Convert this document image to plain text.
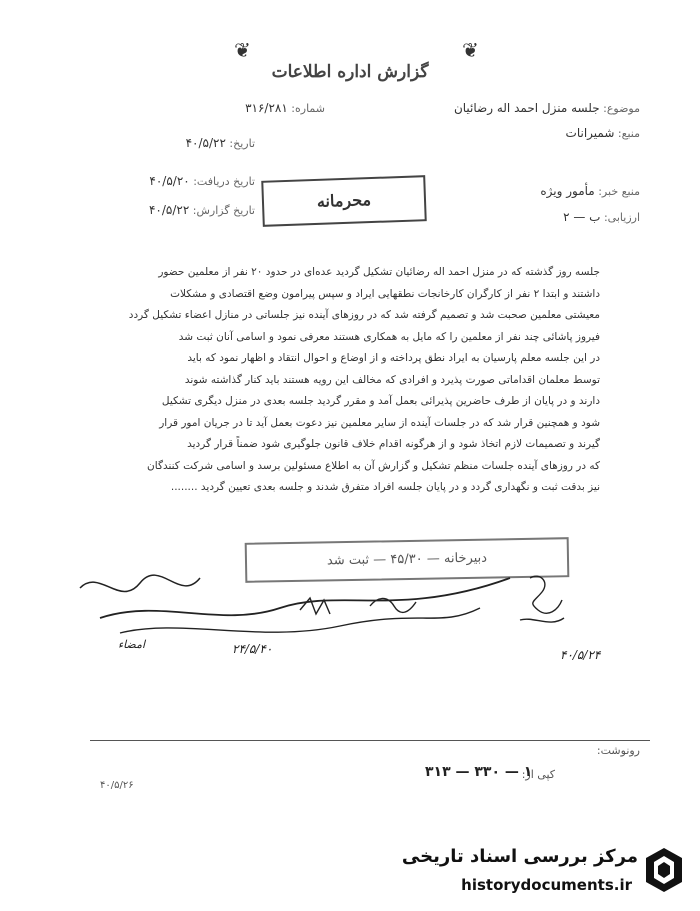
❦	❦
گزارش اداره اطلاعات
موضوع: جلسه منزل احمد اله رضائیان
شماره: ۳۱۶/۲۸۱
منبع: شمیرانات
تاریخ: ۴۰/۵/۲۲
تاریخ دریافت: ۴۰/۵/۲۰
تاریخ گزارش: ۴۰/۵/۲۲
منبع خبر: مأمور ویژه
ارزیابی: ب — ۲
محرمانه
جلسه روز گذشته که در منزل احمد اله رضائیان تشکیل گردید عده‌ای در حدود ۲۰ نفر از معلمین حضور
داشتند و ابتدا ۲ نفر از کارگران کارخانجات نطقهایی ایراد و سپس پیرامون وضع اقتصادی و مشکلات
معیشتی معلمین صحبت شد و تصمیم گرفته شد که در روزهای آینده نیز جلساتی در منازل اعضاء تشکیل گردد
فیروز پاشائی چند نفر از معلمین را که مایل به همکاری هستند معرفی نمود و اسامی آنان ثبت شد
در این جلسه معلم پارسیان به ایراد نطق پرداخته و از اوضاع و احوال انتقاد و اظهار نمود که باید
توسط معلمان اقداماتی صورت پذیرد و افرادی که مخالف این رویه هستند باید کنار گذاشته شوند
دارند و در پایان از طرف حاضرین پذیرائی بعمل آمد و مقرر گردید جلسه بعدی در منزل دیگری تشکیل
شود و همچنین قرار شد که در جلسات آینده از سایر معلمین نیز دعوت بعمل آید تا در جریان امور قرار
گیرند و تصمیمات لازم اتخاذ شود و از هرگونه اقدام خلاف قانون جلوگیری شود ضمناً قرار گردید
که در روزهای آینده جلسات منظم تشکیل و گزارش آن به اطلاع مسئولین برسد و اسامی شرکت کنندگان
نیز بدقت ثبت و نگهداری گردد و در پایان جلسه افراد متفرق شدند و جلسه بعدی تعیین گردید ........
دبیرخانه — ۴۵/۳۰ — ثبت شد
امضاء	۲۴/۵/۴۰	۴۰/۵/۲۴
رونوشت:
کپی از:
۳۱۳ — ۳۳۰ — ۱
۴۰/۵/۲۶
مرکز بررسی اسناد تاریخی
historydocuments.ir
